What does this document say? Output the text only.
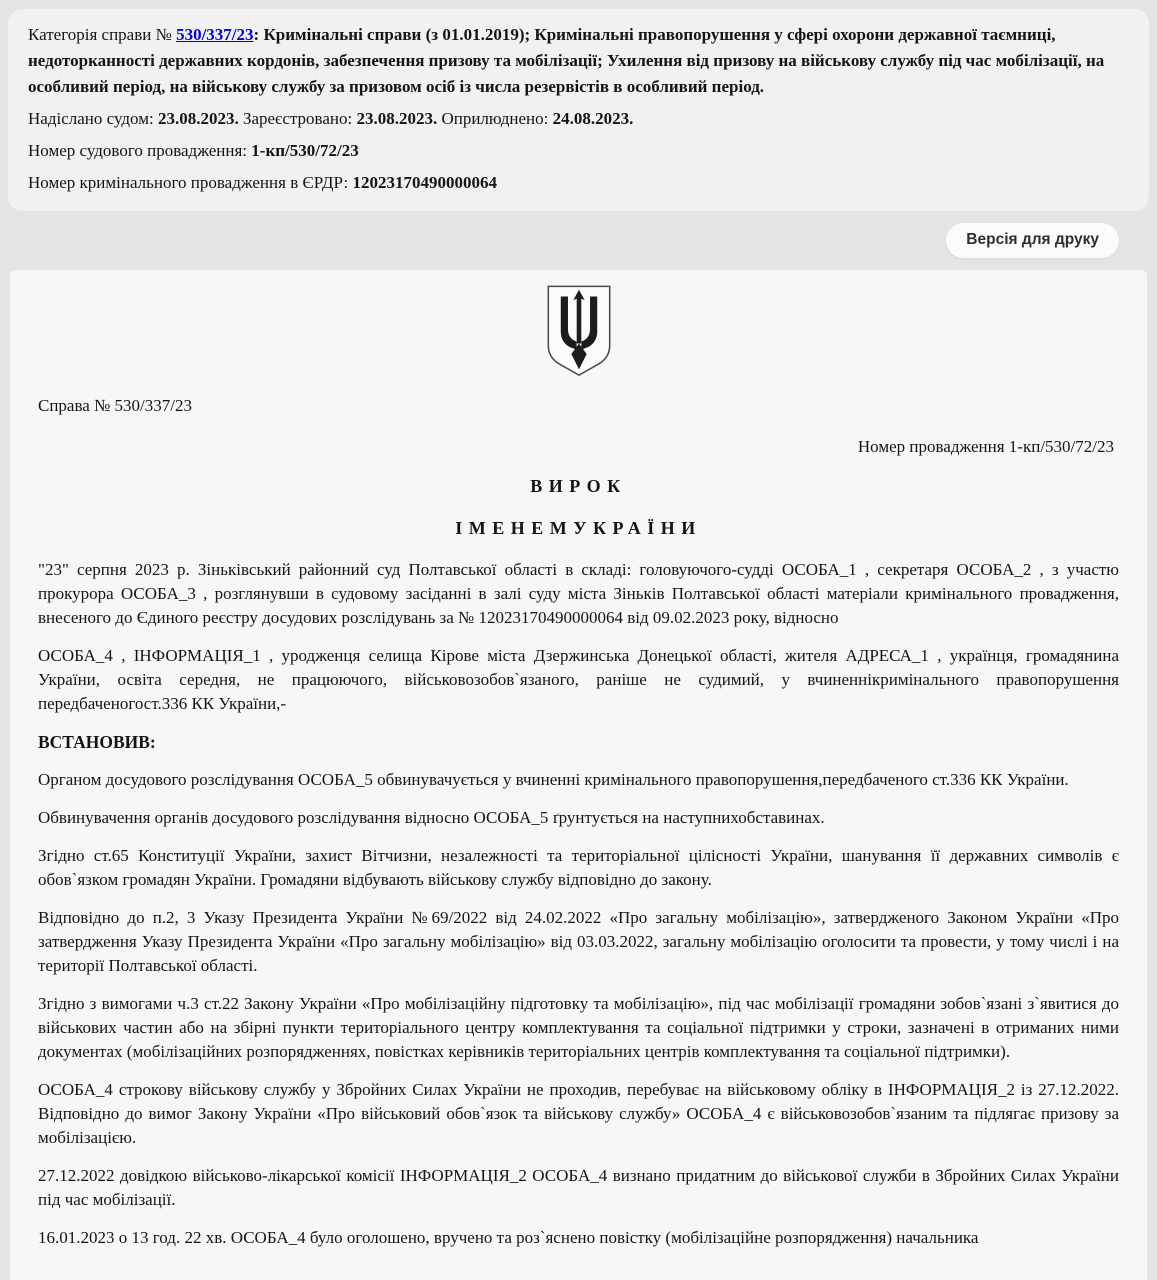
Категорія справи № 530/337/23: Кримінальні справи (з 01.01.2019); Кримінальні правопорушення у сфері охорони державної таємниці, недоторканності державних кордонів, забезпечення призову та мобілізації; Ухилення від призову на військову службу під час мобілізації, на особливий період, на військову службу за призовом осіб із числа резервістів в особливий період.

Надіслано судом: 23.08.2023. Зареєстровано: 23.08.2023. Оприлюднено: 24.08.2023.

Номер судового провадження: 1-кп/530/72/23

Номер кримінального провадження в ЄРДР: 12023170490000064

Версія для друку

Справа № 530/337/23

Номер провадження 1-кп/530/72/23

ВИРОК

ІМЕНЕМУКРАЇНИ

"23" серпня 2023 р. Зіньківський районний суд Полтавської області в складі: головуючого-судді ОСОБА_1 , секретаря ОСОБА_2 , з участю прокурора ОСОБА_3 , розглянувши в судовому засіданні в залі суду міста Зіньків Полтавської області матеріали кримінального провадження, внесеного до Єдиного реєстру досудових розслідувань за № 12023170490000064 від 09.02.2023 року, відносно

ОСОБА_4 , ІНФОРМАЦІЯ_1 , уродженця селища Кірове міста Дзержинська Донецької області, жителя АДРЕСА_1 , українця, громадянина України, освіта середня, не працюючого, військовозобов`язаного, раніше не судимий, у вчиненнікримінального правопорушення передбаченогост.336 КК України,-

ВСТАНОВИВ:

Органом досудового розслідування ОСОБА_5 обвинувачується у вчиненні кримінального правопорушення,передбаченого ст.336 КК України.

Обвинувачення органів досудового розслідування відносно ОСОБА_5 ґрунтується на наступнихобставинах.

Згідно ст.65 Конституції України, захист Вітчизни, незалежності та територіальної цілісності України, шанування її державних символів є обов`язком громадян України. Громадяни відбувають військову службу відповідно до закону.

Відповідно до п.2, 3 Указу Президента України №69/2022 від 24.02.2022 «Про загальну мобілізацію», затвердженого Законом України «Про затвердження Указу Президента України «Про загальну мобілізацію» від 03.03.2022, загальну мобілізацію оголосити та провести, у тому числі і на території Полтавської області.

Згідно з вимогами ч.3 ст.22 Закону України «Про мобілізаційну підготовку та мобілізацію», під час мобілізації громадяни зобов`язані з`явитися до військових частин або на збірні пункти територіального центру комплектування та соціальної підтримки у строки, зазначені в отриманих ними документах (мобілізаційних розпорядженнях, повістках керівників територіальних центрів комплектування та соціальної підтримки).

ОСОБА_4 строкову військову службу у Збройних Силах України не проходив, перебуває на військовому обліку в ІНФОРМАЦІЯ_2 із 27.12.2022. Відповідно до вимог Закону України «Про військовий обов`язок та військову службу» ОСОБА_4 є військовозобов`язаним та підлягає призову за мобілізацією.

27.12.2022 довідкою військово-лікарської комісії ІНФОРМАЦІЯ_2 ОСОБА_4 визнано придатним до військової служби в Збройних Силах України під час мобілізації.

16.01.2023 о 13 год. 22 хв. ОСОБА_4 було оголошено, вручено та роз`яснено повістку (мобілізаційне розпорядження) начальника
